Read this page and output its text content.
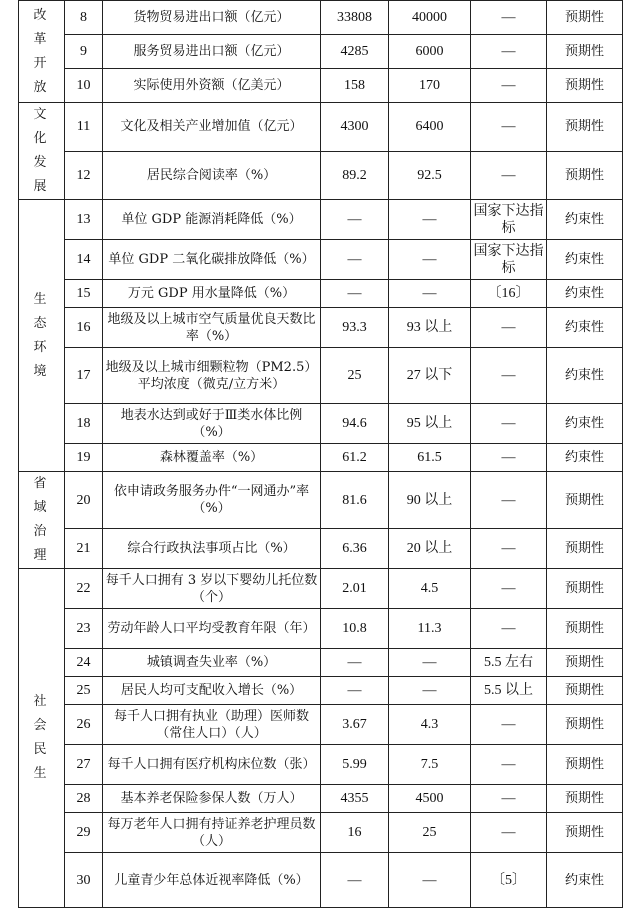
改革开放	8	货物贸易进出口额（亿元）	33808	40000	—	预期性
	9	服务贸易进出口额（亿元）	4285	6000	—	预期性
	10	实际使用外资额（亿美元）	158	170	—	预期性

文化发展	11	文化及相关产业增加值（亿元）	4300	6400	—	预期性
	12	居民综合阅读率（%）	89.2	92.5	—	预期性

生态环境	13	单位 GDP 能源消耗降低（%）	—	—	国家下达指标	约束性
	14	单位 GDP 二氧化碳排放降低（%）	—	—	国家下达指标	约束性
	15	万元 GDP 用水量降低（%）	—	—	〔16〕	约束性
	16	地级及以上城市空气质量优良天数比率（%）	93.3	93 以上	—	约束性
	17	地级及以上城市细颗粒物（PM2.5）平均浓度（微克/立方米）	25	27 以下	—	约束性
	18	地表水达到或好于Ⅲ类水体比例（%）	94.6	95 以上	—	约束性
	19	森林覆盖率（%）	61.2	61.5	—	约束性

省域治理	20	依申请政务服务办件“一网通办”率（%）	81.6	90 以上	—	预期性
	21	综合行政执法事项占比（%）	6.36	20 以上	—	预期性

社会民生	22	每千人口拥有 3 岁以下婴幼儿托位数（个）	2.01	4.5	—	预期性
	23	劳动年龄人口平均受教育年限（年）	10.8	11.3	—	预期性
	24	城镇调查失业率（%）	—	—	5.5 左右	预期性
	25	居民人均可支配收入增长（%）	—	—	5.5 以上	预期性
	26	每千人口拥有执业（助理）医师数（常住人口）（人）	3.67	4.3	—	预期性
	27	每千人口拥有医疗机构床位数（张）	5.99	7.5	—	预期性
	28	基本养老保险参保人数（万人）	4355	4500	—	预期性
	29	每万老年人口拥有持证养老护理员数（人）	16	25	—	预期性
	30	儿童青少年总体近视率降低（%）	—	—	〔5〕	约束性
